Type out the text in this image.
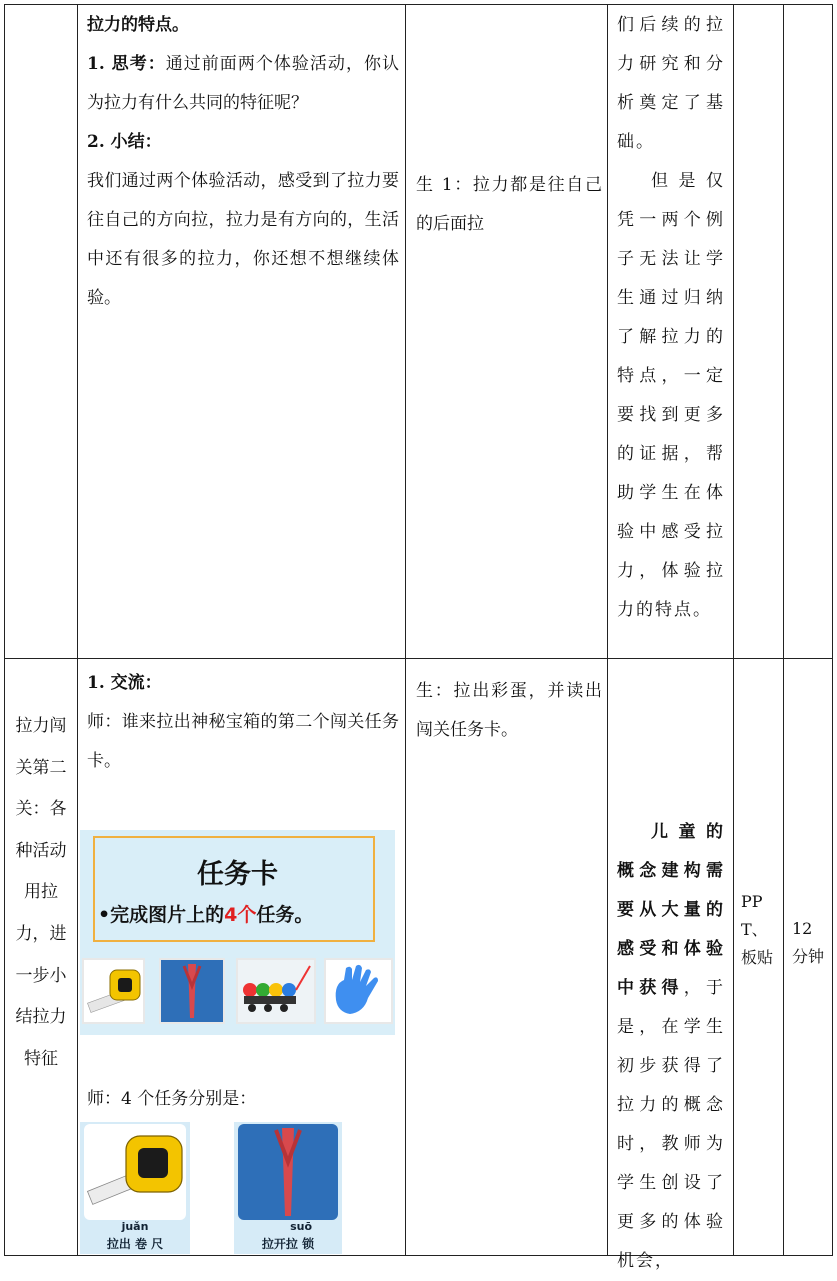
拉力的特点。
1. 思考：通过前面两个体验活动，你认为拉力有什么共同的特征呢？
2. 小结：
我们通过两个体验活动，感受到了拉力要往自己的方向拉，拉力是有方向的，生活中还有很多的拉力，你还想不想继续体验。
生 1：拉力都是往自己的后面拉
们后续的拉力研究和分析奠定了基础。
但是仅凭一两个例子无法让学生通过归纳了解拉力的特点，一定要找到更多的证据，帮助学生在体验中感受拉力，体验拉力的特点。
拉力闯关第二关：各种活动用拉力，进一步小结拉力特征
1. 交流：
师：谁来拉出神秘宝箱的第二个闯关任务卡。
任务卡
•完成图片上的4个任务。
师：4 个任务分别是：
juǎn
拉出 卷 尺
suō
拉开拉 锁
生：拉出彩蛋，并读出闯关任务卡。
儿童的概念建构需要从大量的感受和体验中获得，于是，在学生初步获得了拉力的概念时，教师为学生创设了更多的体验机会，
PPT、板贴
12分钟
